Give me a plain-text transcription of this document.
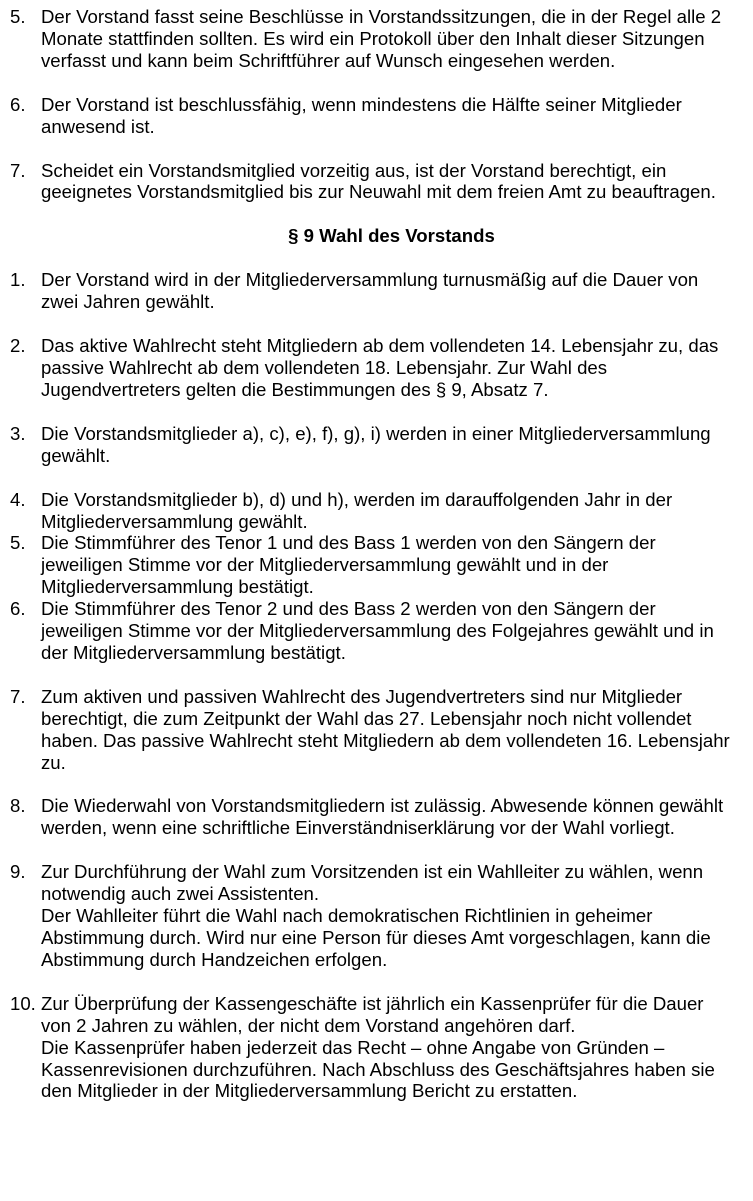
5. Der Vorstand fasst seine Beschlüsse in Vorstandssitzungen, die in der Regel alle 2 Monate stattfinden sollten. Es wird ein Protokoll über den Inhalt dieser Sitzungen verfasst und kann beim Schriftführer auf Wunsch eingesehen werden.
6. Der Vorstand ist beschlussfähig, wenn mindestens die Hälfte seiner Mitglieder anwesend ist.
7. Scheidet ein Vorstandsmitglied vorzeitig aus, ist der Vorstand berechtigt, ein geeignetes Vorstandsmitglied bis zur Neuwahl mit dem freien Amt zu beauftragen.
§ 9 Wahl des Vorstands
1. Der Vorstand wird in der Mitgliederversammlung turnusmäßig auf die Dauer von zwei Jahren gewählt.
2. Das aktive Wahlrecht steht Mitgliedern ab dem vollendeten 14. Lebensjahr zu, das passive Wahlrecht ab dem vollendeten 18. Lebensjahr. Zur Wahl des Jugendvertreters gelten die Bestimmungen des § 9, Absatz 7.
3. Die Vorstandsmitglieder a), c), e), f), g), i) werden in einer Mitgliederversammlung gewählt.
4. Die Vorstandsmitglieder b), d) und h), werden im darauffolgenden Jahr in der Mitgliederversammlung gewählt.
5. Die Stimmführer des Tenor 1 und des Bass 1 werden von den Sängern der jeweiligen Stimme vor der Mitgliederversammlung gewählt und in der Mitgliederversammlung bestätigt.
6. Die Stimmführer des Tenor 2 und des Bass 2 werden von den Sängern der jeweiligen Stimme vor der Mitgliederversammlung des Folgejahres gewählt und in der Mitgliederversammlung bestätigt.
7. Zum aktiven und passiven Wahlrecht des Jugendvertreters sind nur Mitglieder berechtigt, die zum Zeitpunkt der Wahl das 27. Lebensjahr noch nicht vollendet haben. Das passive Wahlrecht steht Mitgliedern ab dem vollendeten 16. Lebensjahr zu.
8. Die Wiederwahl von Vorstandsmitgliedern ist zulässig. Abwesende können gewählt werden, wenn eine schriftliche Einverständniserklärung vor der Wahl vorliegt.
9. Zur Durchführung der Wahl zum Vorsitzenden ist ein Wahlleiter zu wählen, wenn notwendig auch zwei Assistenten.
Der Wahlleiter führt die Wahl nach demokratischen Richtlinien in geheimer Abstimmung durch. Wird nur eine Person für dieses Amt vorgeschlagen, kann die Abstimmung durch Handzeichen erfolgen.
10. Zur Überprüfung der Kassengeschäfte ist jährlich ein Kassenprüfer für die Dauer von 2 Jahren zu wählen, der nicht dem Vorstand angehören darf.
Die Kassenprüfer haben jederzeit das Recht – ohne Angabe von Gründen – Kassenrevisionen durchzuführen. Nach Abschluss des Geschäftsjahres haben sie den Mitglieder in der Mitgliederversammlung Bericht zu erstatten.
